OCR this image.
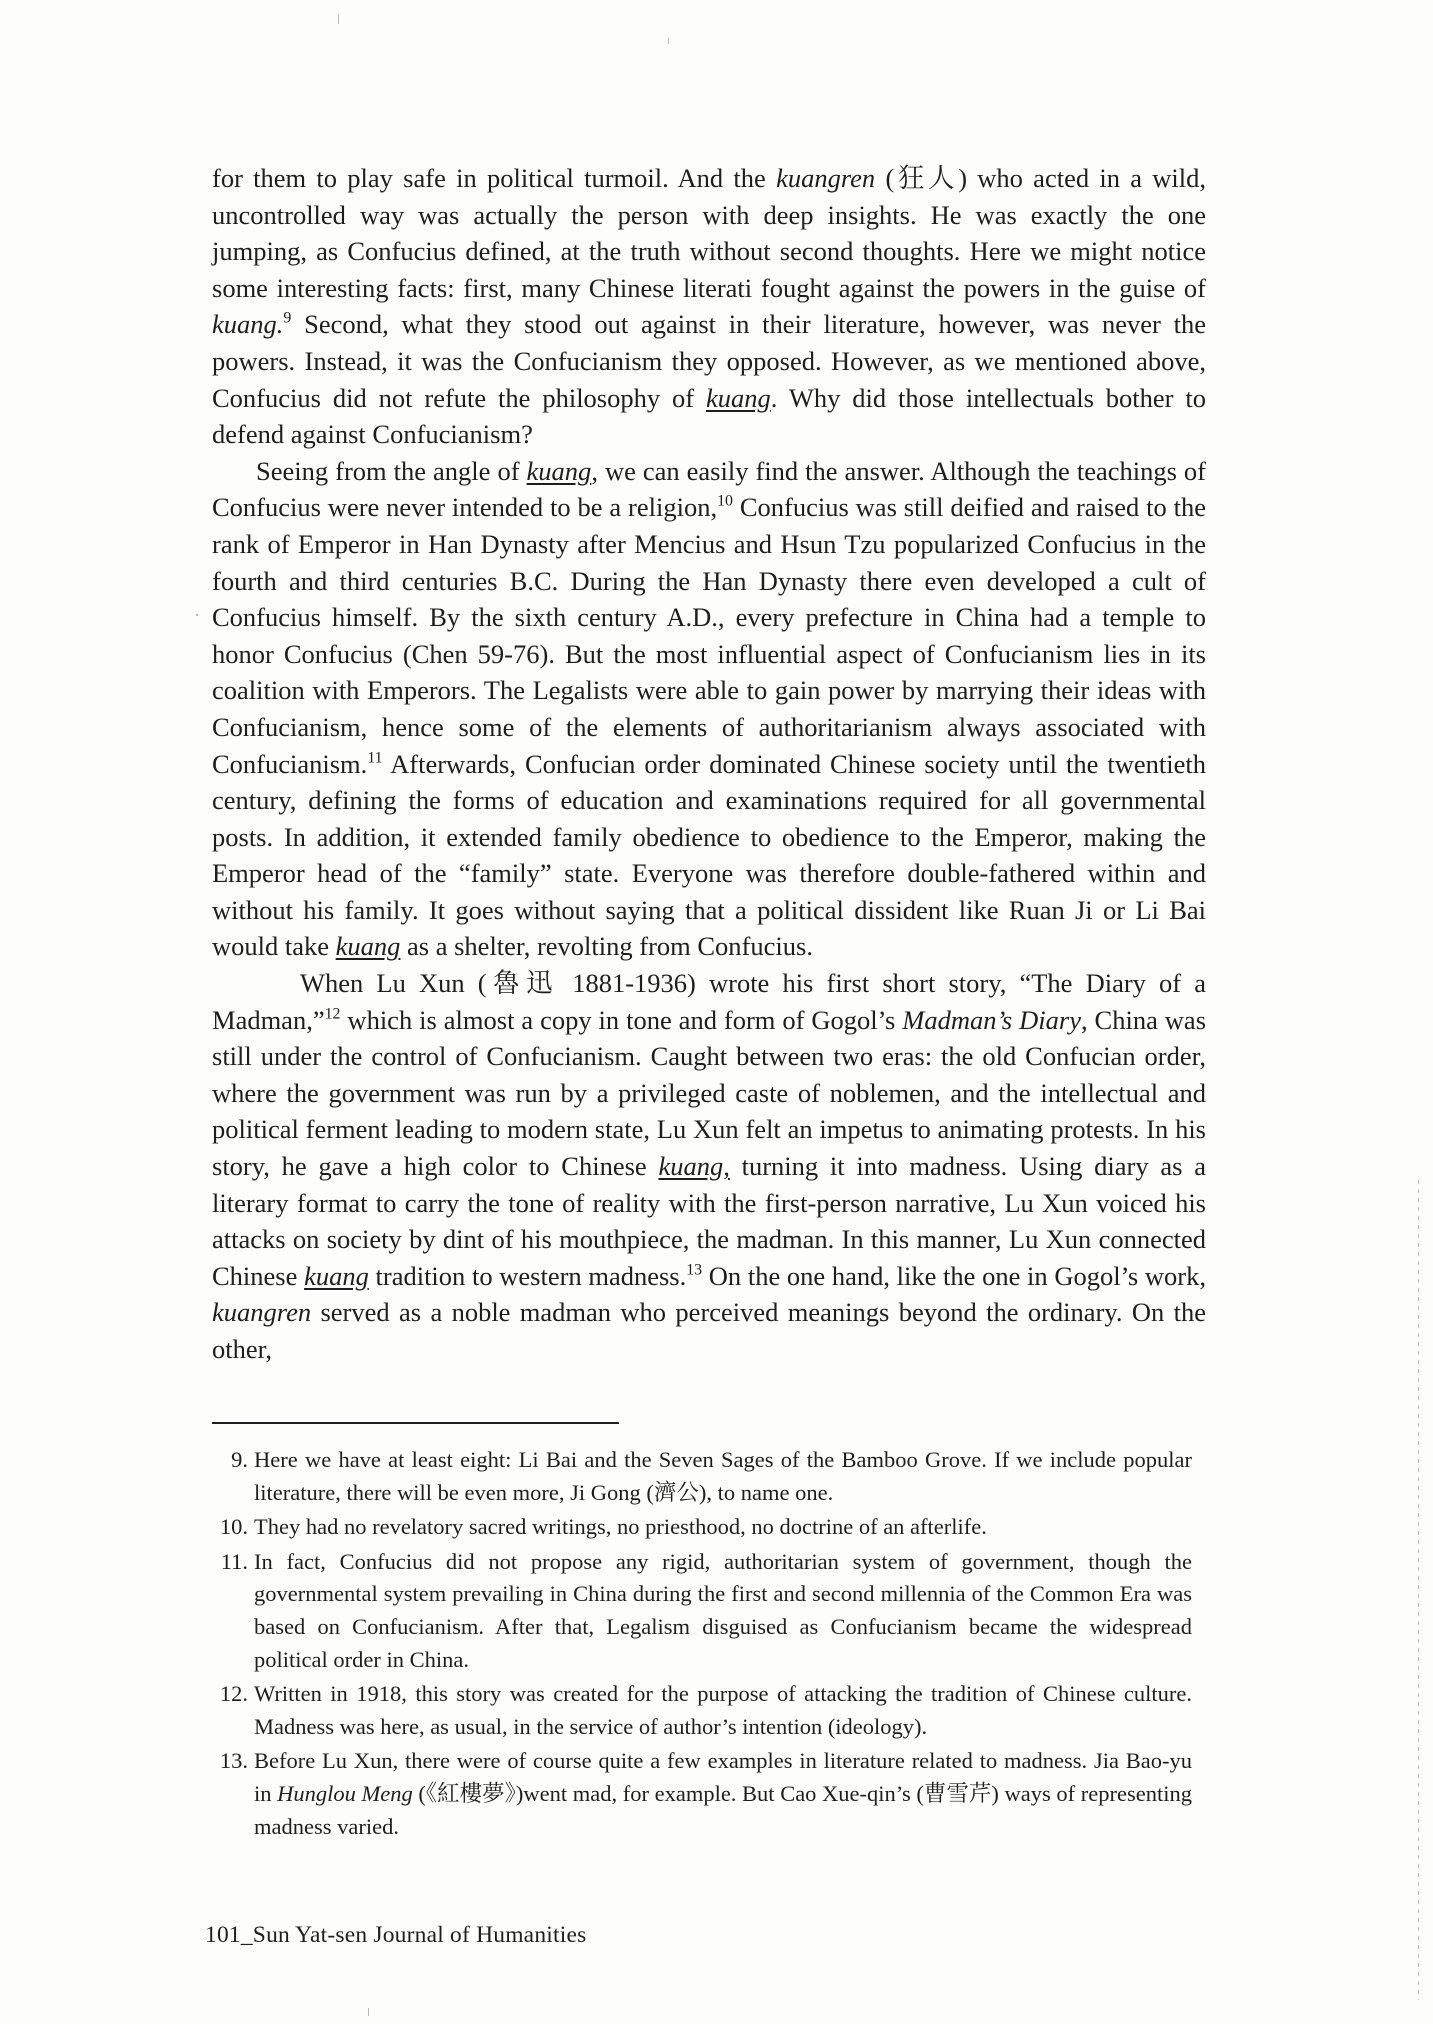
for them to play safe in political turmoil. And the kuangren (狂人) who acted in a wild, uncontrolled way was actually the person with deep insights. He was exactly the one jumping, as Confucius defined, at the truth without second thoughts. Here we might notice some interesting facts: first, many Chinese literati fought against the powers in the guise of kuang.$^9$ Second, what they stood out against in their literature, however, was never the powers. Instead, it was the Confucianism they opposed. However, as we mentioned above, Confucius did not refute the philosophy of kuang. Why did those intellectuals bother to defend against Confucianism?

Seeing from the angle of kuang, we can easily find the answer. Although the teachings of Confucius were never intended to be a religion,$^{10}$ Confucius was still deified and raised to the rank of Emperor in Han Dynasty after Mencius and Hsun Tzu popularized Confucius in the fourth and third centuries B.C. During the Han Dynasty there even developed a cult of Confucius himself. By the sixth century A.D., every prefecture in China had a temple to honor Confucius (Chen 59-76). But the most influential aspect of Confucianism lies in its coalition with Emperors. The Legalists were able to gain power by marrying their ideas with Confucianism, hence some of the elements of authoritarianism always associated with Confucianism.$^{11}$ Afterwards, Confucian order dominated Chinese society until the twentieth century, defining the forms of education and examinations required for all governmental posts. In addition, it extended family obedience to obedience to the Emperor, making the Emperor head of the “family” state. Everyone was therefore double-fathered within and without his family. It goes without saying that a political dissident like Ruan Ji or Li Bai would take kuang as a shelter, revolting from Confucius.

When Lu Xun (魯迅 1881-1936) wrote his first short story, “The Diary of a Madman,”$^{12}$ which is almost a copy in tone and form of Gogol’s Madman’s Diary, China was still under the control of Confucianism. Caught between two eras: the old Confucian order, where the government was run by a privileged caste of noblemen, and the intellectual and political ferment leading to modern state, Lu Xun felt an impetus to animating protests. In his story, he gave a high color to Chinese kuang, turning it into madness. Using diary as a literary format to carry the tone of reality with the first-person narrative, Lu Xun voiced his attacks on society by dint of his mouthpiece, the madman. In this manner, Lu Xun connected Chinese kuang tradition to western madness.$^{13}$ On the one hand, like the one in Gogol’s work, kuangren served as a noble madman who perceived meanings beyond the ordinary. On the other,

9. Here we have at least eight: Li Bai and the Seven Sages of the Bamboo Grove. If we include popular literature, there will be even more, Ji Gong (濟公), to name one.
10. They had no revelatory sacred writings, no priesthood, no doctrine of an afterlife.
11. In fact, Confucius did not propose any rigid, authoritarian system of government, though the governmental system prevailing in China during the first and second millennia of the Common Era was based on Confucianism. After that, Legalism disguised as Confucianism became the widespread political order in China.
12. Written in 1918, this story was created for the purpose of attacking the tradition of Chinese culture. Madness was here, as usual, in the service of author’s intention (ideology).
13. Before Lu Xun, there were of course quite a few examples in literature related to madness. Jia Bao-yu in Hunglou Meng (《紅樓夢》)went mad, for example. But Cao Xue-qin’s (曹雪芹) ways of representing madness varied.
101_Sun Yat-sen Journal of Humanities
